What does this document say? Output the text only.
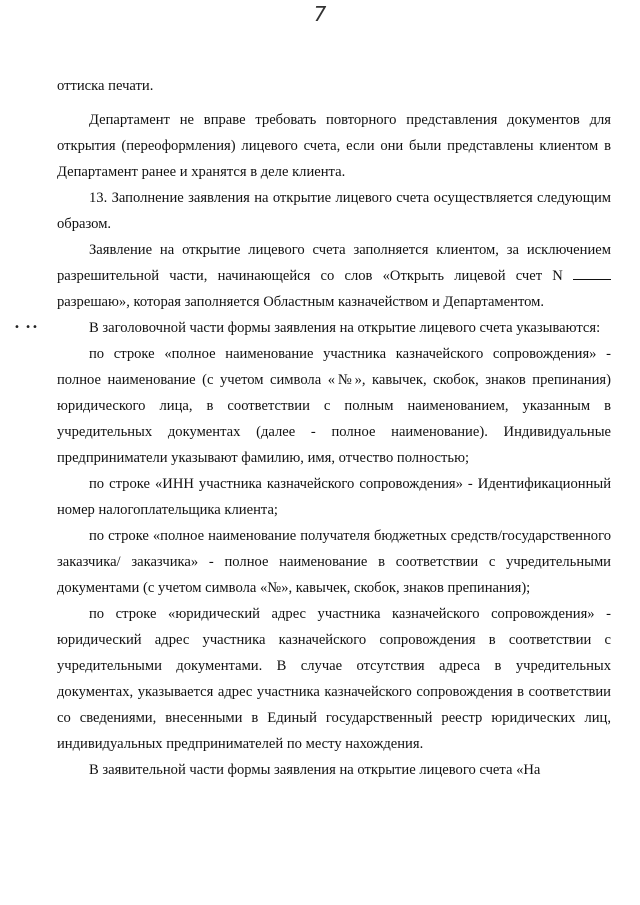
7
• ••

оттиска печати.

Департамент не вправе требовать повторного представления документов для открытия (переоформления) лицевого счета, если они были представлены клиентом в Департамент ранее и хранятся в деле клиента.

13. Заполнение заявления на открытие лицевого счета осуществляется следующим образом.

Заявление на открытие лицевого счета заполняется клиентом, за исключением разрешительной части, начинающейся со слов «Открыть лицевой счет N  разрешаю», которая заполняется Областным казначейством и Департаментом.

В заголовочной части формы заявления на открытие лицевого счета указываются:

по строке «полное наименование участника казначейского сопровождения» - полное наименование (с учетом символа «№», кавычек, скобок, знаков препинания) юридического лица, в соответствии с полным наименованием, указанным в учредительных документах (далее - полное наименование). Индивидуальные предприниматели указывают фамилию, имя, отчество полностью;

по строке «ИНН участника казначейского сопровождения» - Идентификационный номер налогоплательщика клиента;

по строке «полное наименование получателя бюджетных средств/государственного заказчика/ заказчика» - полное наименование в соответствии с учредительными документами (с учетом символа «№», кавычек, скобок, знаков препинания);

по строке «юридический адрес участника казначейского сопровождения» - юридический адрес участника казначейского сопровождения в соответствии с учредительными документами. В случае отсутствия адреса в учредительных документах, указывается адрес участника казначейского сопровождения в соответствии со сведениями, внесенными в Единый государственный реестр юридических лиц, индивидуальных предпринимателей по месту нахождения.

В заявительной части формы заявления на открытие лицевого счета «На
